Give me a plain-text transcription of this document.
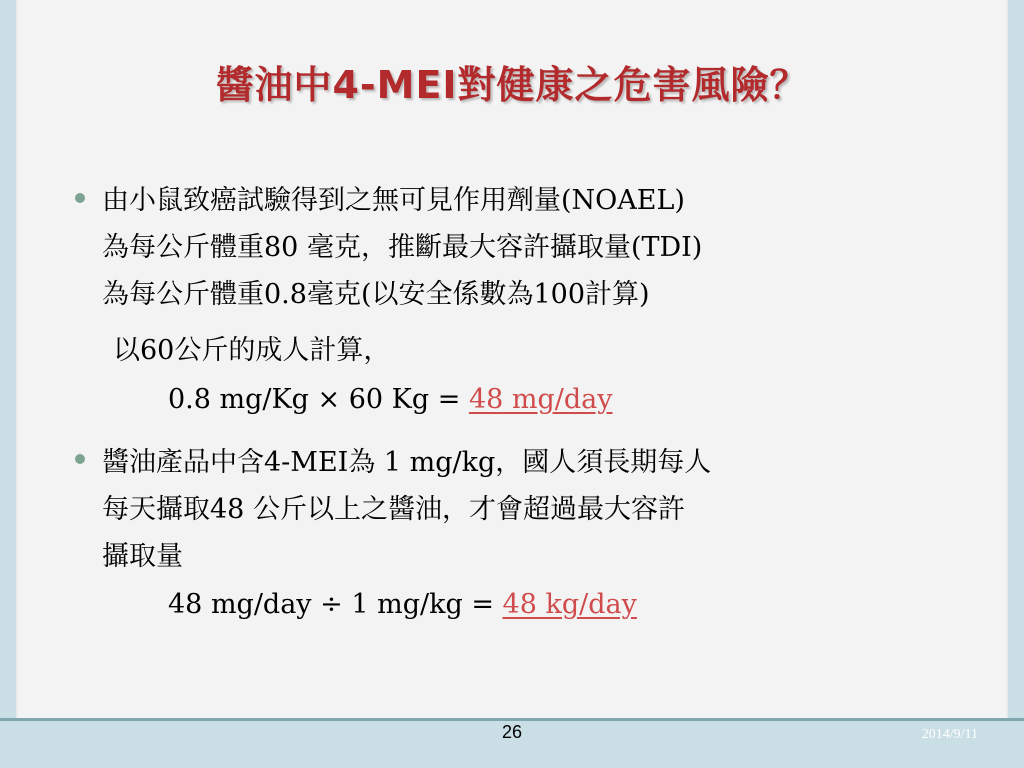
醬油中4-MEI對健康之危害風險？
由小鼠致癌試驗得到之無可見作用劑量(NOAEL)
為每公斤體重80 毫克，推斷最大容許攝取量(TDI)
為每公斤體重0.8毫克(以安全係數為100計算)
以60公斤的成人計算，
0.8 mg/Kg × 60 Kg = 48 mg/day
醬油產品中含4-MEI為 1 mg/kg，國人須長期每人
每天攝取48 公斤以上之醬油，才會超過最大容許
攝取量
48 mg/day ÷ 1 mg/kg = 48 kg/day
26	2014/9/11
